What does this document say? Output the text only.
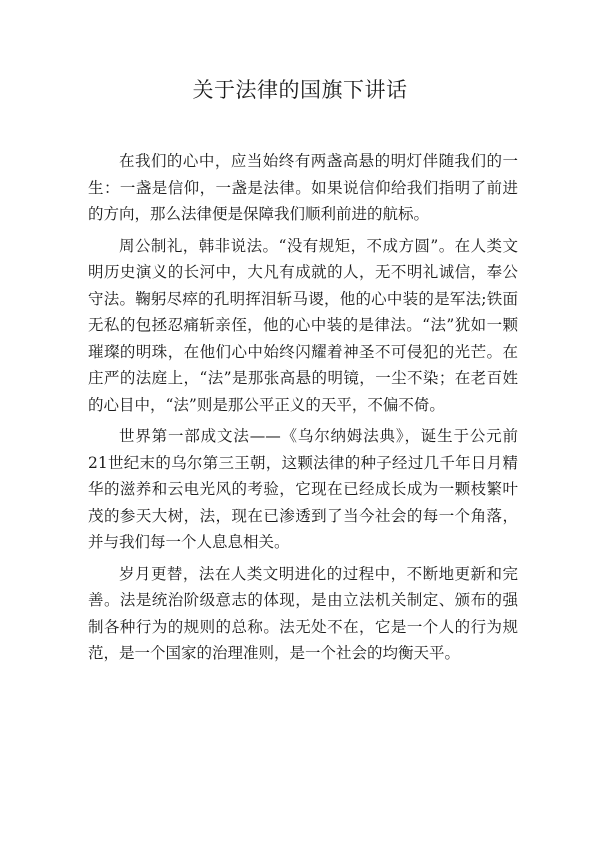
关于法律的国旗下讲话

在我们的心中，应当始终有两盏高悬的明灯伴随我们的一生：一盏是信仰，一盏是法律。如果说信仰给我们指明了前进的方向，那么法律便是保障我们顺利前进的航标。

周公制礼，韩非说法。“没有规矩，不成方圆”。在人类文明历史演义的长河中，大凡有成就的人，无不明礼诚信，奉公守法。鞠躬尽瘁的孔明挥泪斩马谡，他的心中装的是军法;铁面无私的包拯忍痛斩亲侄，他的心中装的是律法。“法”犹如一颗璀璨的明珠，在他们心中始终闪耀着神圣不可侵犯的光芒。在庄严的法庭上，“法”是那张高悬的明镜，一尘不染；在老百姓的心目中，“法”则是那公平正义的天平，不偏不倚。

世界第一部成文法——《乌尔纳姆法典》，诞生于公元前21世纪末的乌尔第三王朝，这颗法律的种子经过几千年日月精华的滋养和云电光风的考验，它现在已经成长成为一颗枝繁叶茂的参天大树，法，现在已渗透到了当今社会的每一个角落，并与我们每一个人息息相关。

岁月更替，法在人类文明进化的过程中，不断地更新和完善。法是统治阶级意志的体现，是由立法机关制定、颁布的强制各种行为的规则的总称。法无处不在，它是一个人的行为规范，是一个国家的治理准则，是一个社会的均衡天平。
